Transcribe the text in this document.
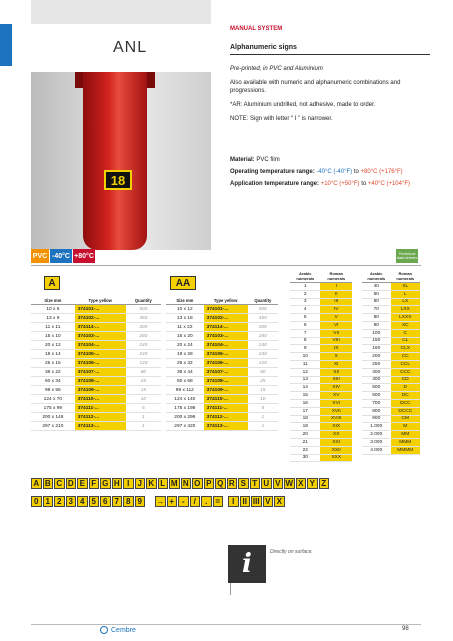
ANL
18
MANUAL SYSTEM
Alphanumeric signs
Pre-printed, in PVC and Aluminium
Also available with numeric and alphanumeric combinations and progressions.
*AR: Aluminium undrilled, not adhesive, made to order.
NOTE: Sign with letter “ I ” is narrower.
Material: PVC film
Operating temperature range: -40°C (-40°F) to +80°C (+176°F)
Application temperature range: +10°C (+50°F) to +40°C (+104°F)
PVC -40°C +80°C	Technical data sheets
A
Size mm	Type yellow	Quantity
10 x 6	374101-...	500
13 x 9	374102-...	450
11 x 11	374114-...	300
15 x 10	374103-...	280
20 x 12	374104-...	240
19 x 14	374105-...	240
25 x 16	374106-...	120
38 x 22	374107-...	80
60 x 34	374108-...	25
99 x 56	374109-...	15
124 x 70	374110-...	10
175 x 99	374111-...	5
200 x 148	374112-...	1
297 x 210	374113-...	1
AA
Size mm	Type yellow	Quantity
10 x 12	374101-...	500
13 x 18	374102-...	450
11 x 22	374114-...	300
15 x 20	374103-...	280
20 x 24	374104-...	240
19 x 28	374105-...	240
25 x 32	374106-...	120
38 x 44	374107-...	80
60 x 68	374108-...	25
99 x 112	374109-...	15
124 x 140	374110-...	10
175 x 198	374111-...	5
200 x 296	374112-...	1
297 x 420	374113-...	1
Arabic numerals	Roman numerals
1	I
2	II
3	III
4	IV
5	V
6	VI
7	VII
8	VIII
9	IX
10	X
11	XI
12	XII
13	XIII
14	XIV
15	XV
16	XVI
17	XVII
18	XVIII
19	XIX
20	XX
21	XXI
22	XXII
30	XXX
Arabic numerals	Roman numerals
40	XL
50	L
60	LX
70	LXX
80	LXXX
90	XC
100	C
150	CL
160	CLX
200	CC
250	CCL
300	CCC
400	CD
500	D
600	DC
700	DCC
800	DCCC
900	CM
1.000	M
2.000	MM
3.000	MMM
4.000	MMMM
A B C D E F G H I	J K L M N O P Q R S T U V W X Y Z
0 1 2 3 4 5 6 7 8 9	→ + -	/	.	=	I	II III V X
i	Directly on surface.
Cembre	98
